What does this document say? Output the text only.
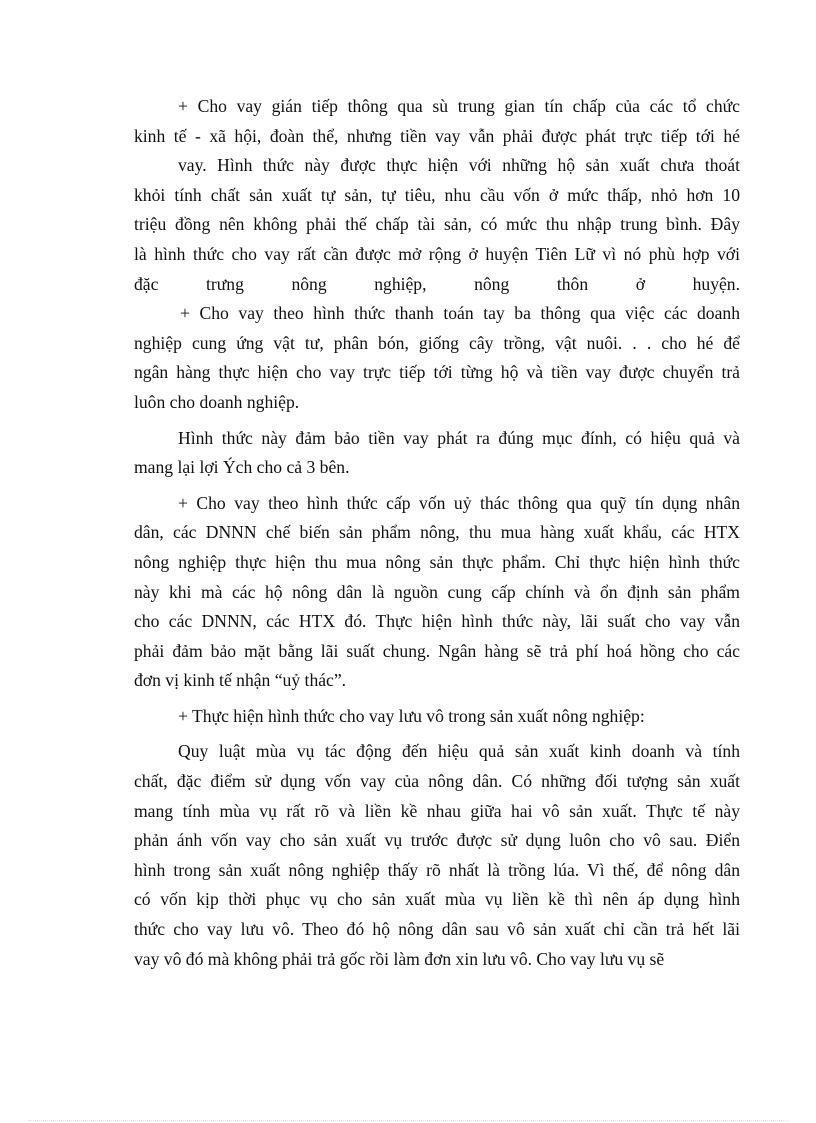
+ Cho vay gián tiếp thông qua sù trung gian tín chấp của các tổ chức
kinh tế - xã hội, đoàn thể, nhưng tiền vay vẫn phải được phát trực tiếp tới hé
vay. Hình thức này được thực hiện với những hộ sản xuất chưa thoát
khỏi tính chất sản xuất tự sản, tự tiêu, nhu cầu vốn ở mức thấp, nhỏ hơn 10
triệu đồng nên không phải thế chấp tài sản, có mức thu nhập trung bình. Đây
là hình thức cho vay rất cần được mở rộng ở huyện Tiên Lữ vì nó phù hợp với
đặc trưng nông nghiệp, nông thôn ở huyện.
+ Cho vay theo hình thức thanh toán tay ba thông qua việc các doanh
nghiệp cung ứng vật tư, phân bón, giống cây trồng, vật nuôi. . . cho hé để
ngân hàng thực hiện cho vay trực tiếp tới từng hộ và tiền vay được chuyển trả
luôn cho doanh nghiệp.
Hình thức này đảm bảo tiền vay phát ra đúng mục đính, có hiệu quả và
mang lại lợi Ých cho cả 3 bên.
+ Cho vay theo hình thức cấp vốn uỷ thác thông qua quỹ tín dụng nhân
dân, các DNNN chế biến sản phẩm nông, thu mua hàng xuất khẩu, các HTX
nông nghiệp thực hiện thu mua nông sản thực phẩm. Chỉ thực hiện hình thức
này khi mà các hộ nông dân là nguồn cung cấp chính và ổn định sản phẩm
cho các DNNN, các HTX đó. Thực hiện hình thức này, lãi suất cho vay vẫn
phải đảm bảo mặt bằng lãi suất chung. Ngân hàng sẽ trả phí hoá hồng cho các
đơn vị kinh tế nhận “uỷ thác”.
+ Thực hiện hình thức cho vay lưu vô trong sản xuất nông nghiệp:
Quy luật mùa vụ tác động đến hiệu quả sản xuất kinh doanh và tính
chất, đặc điểm sử dụng vốn vay của nông dân. Có những đối tượng sản xuất
mang tính mùa vụ rất rõ và liền kề nhau giữa hai vô sản xuất. Thực tế này
phản ánh vốn vay cho sản xuất vụ trước được sử dụng luôn cho vô sau. Điển
hình trong sản xuất nông nghiệp thấy rõ nhất là trồng lúa. Vì thế, để nông dân
có vốn kịp thời phục vụ cho sản xuất mùa vụ liền kề thì nên áp dụng hình
thức cho vay lưu vô. Theo đó hộ nông dân sau vô sản xuất chỉ cần trả hết lãi
vay vô đó mà không phải trả gốc rồi làm đơn xin lưu vô. Cho vay lưu vụ sẽ
